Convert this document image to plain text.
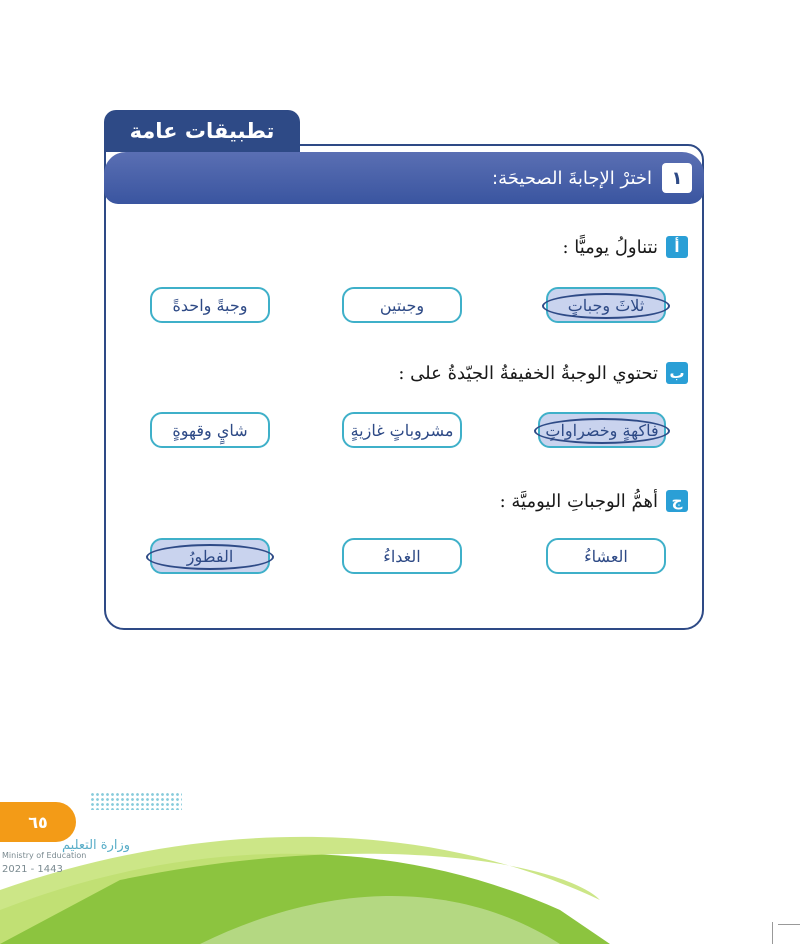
تطبيقات عامة
١
اخترْ الإجابةَ الصحيحَة:
أ
نتناولُ يوميًّا :
ثلاثَ وجباتٍ
وجبتين
وجبةً واحدةً
ب
تحتوي الوجبةُ الخفيفةُ الجيّدةُ على :
فاكهةٍ وخضراواتٍ
مشروباتٍ غازيةٍ
شايٍ وقهوةٍ
ج
أهمُّ الوجباتِ اليوميَّة :
العشاءُ
الغداءُ
الفطورُ
٦٥
وزارة التعليم
Ministry of Education
2021 - 1443
